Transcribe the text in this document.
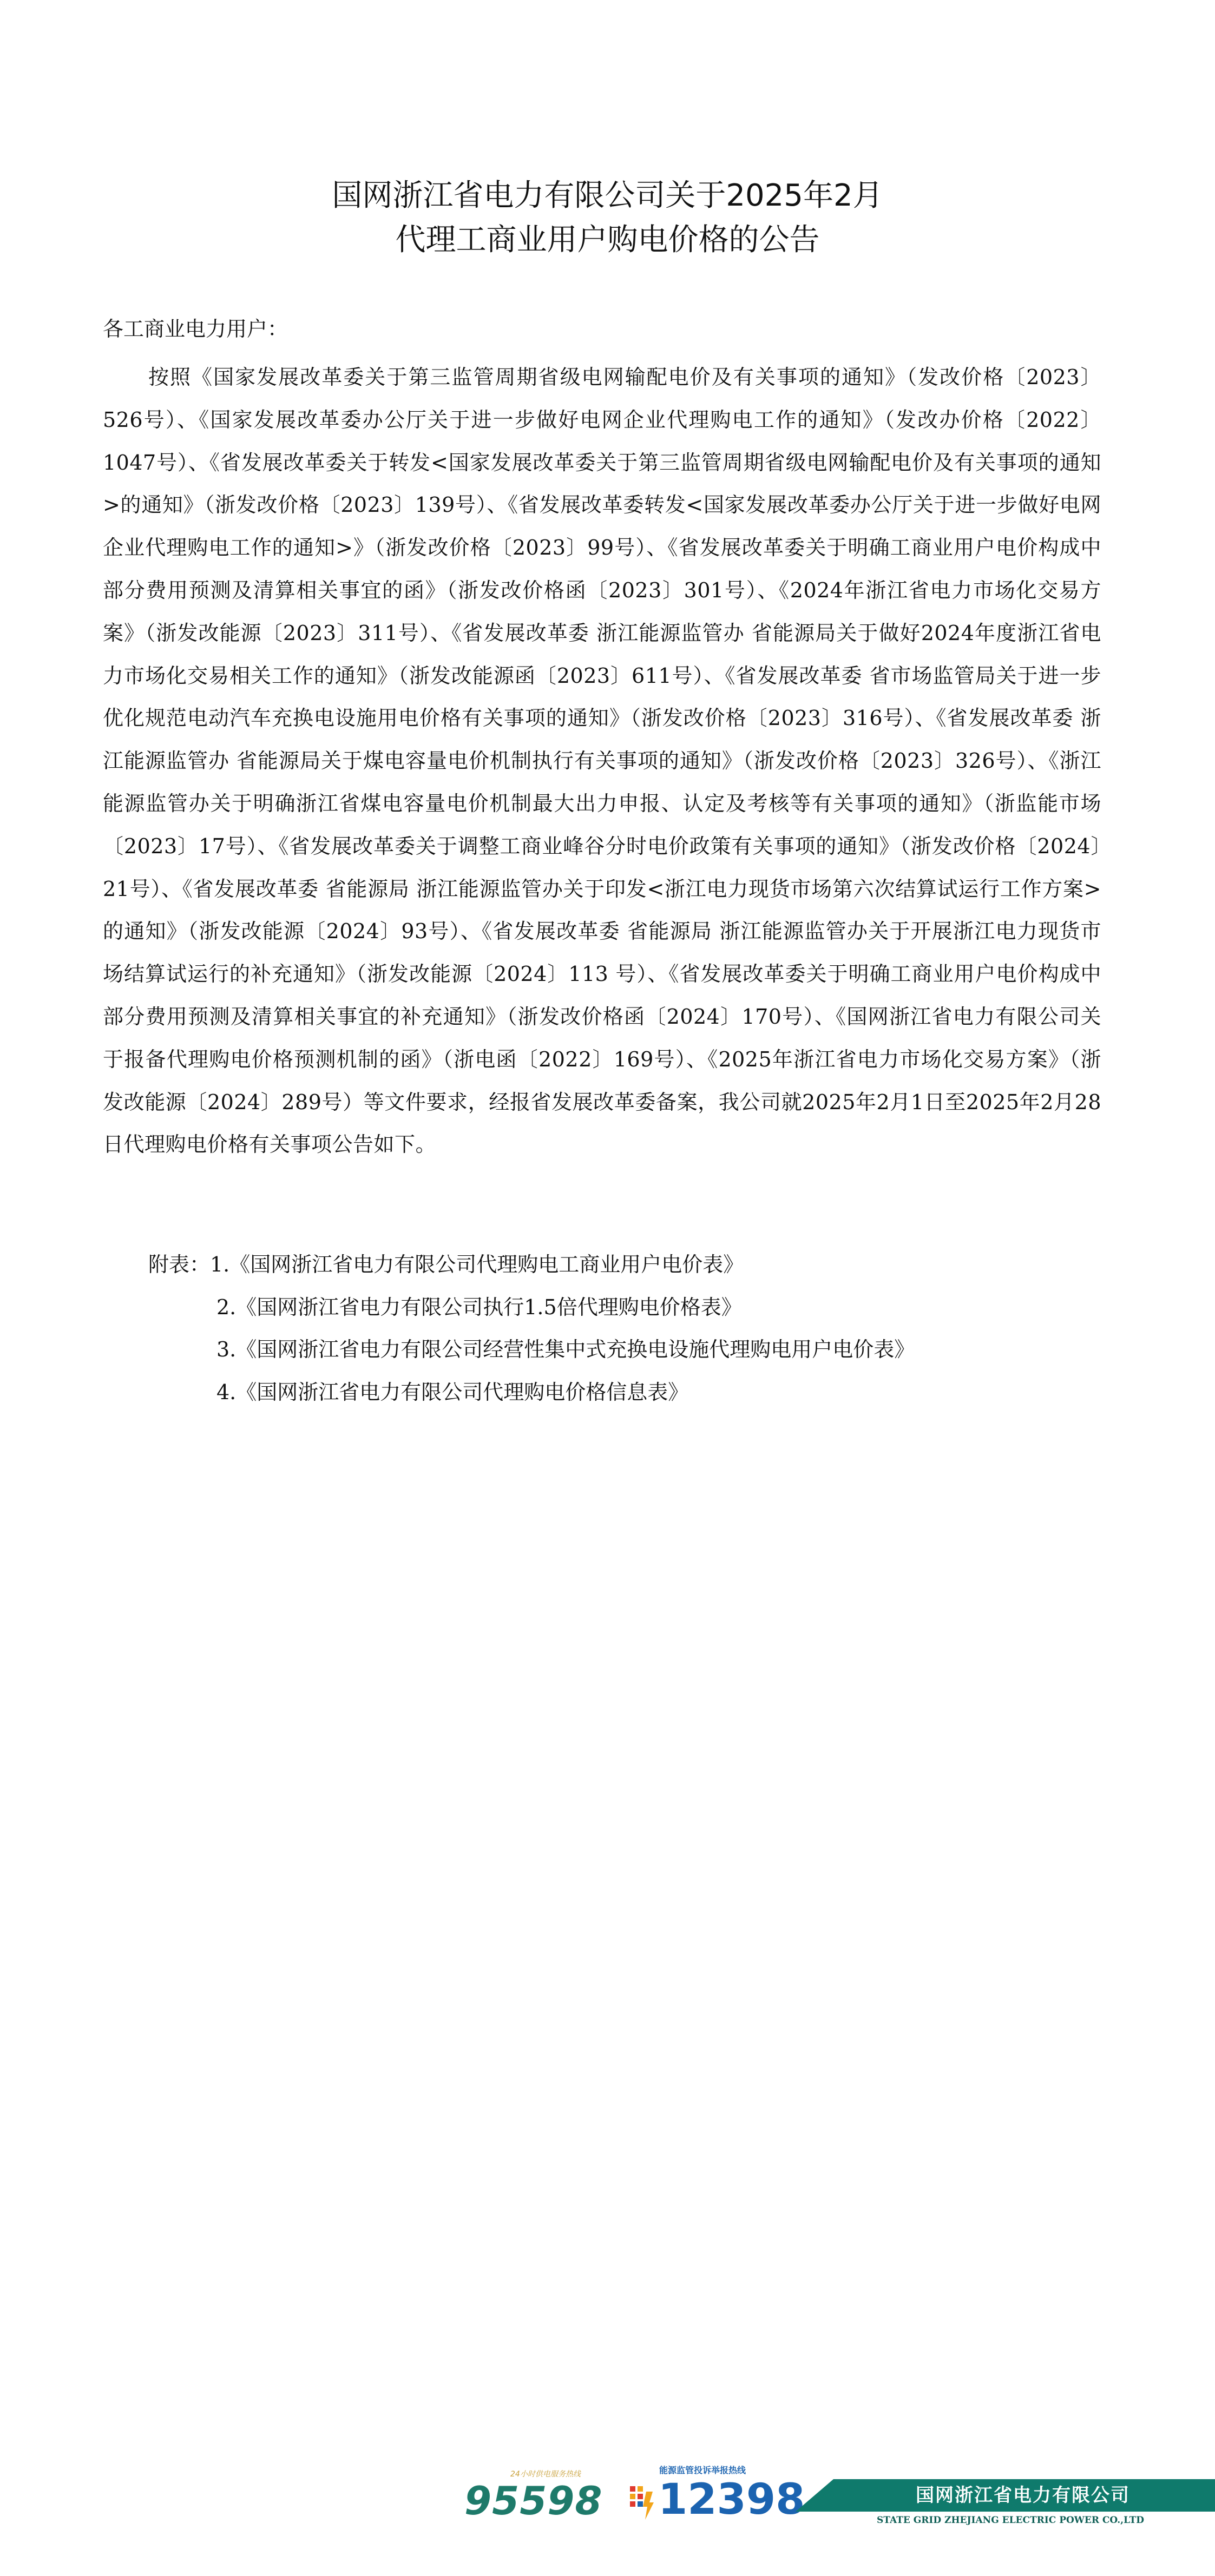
国网浙江省电力有限公司关于2025年2月
代理工商业用户购电价格的公告
各工商业电力用户：

按照《国家发展改革委关于第三监管周期省级电网输配电价及有关事项的通知》（发改价格〔2023〕526号）、《国家发展改革委办公厅关于进一步做好电网企业代理购电工作的通知》（发改办价格〔2022〕1047号）、《省发展改革委关于转发<国家发展改革委关于第三监管周期省级电网输配电价及有关事项的通知>的通知》（浙发改价格〔2023〕139号）、《省发展改革委转发<国家发展改革委办公厅关于进一步做好电网企业代理购电工作的通知>》（浙发改价格〔2023〕99号）、《省发展改革委关于明确工商业用户电价构成中部分费用预测及清算相关事宜的函》（浙发改价格函〔2023〕301号）、《2024年浙江省电力市场化交易方案》（浙发改能源〔2023〕311号）、《省发展改革委 浙江能源监管办 省能源局关于做好2024年度浙江省电力市场化交易相关工作的通知》（浙发改能源函〔2023〕611号）、《省发展改革委 省市场监管局关于进一步优化规范电动汽车充换电设施用电价格有关事项的通知》（浙发改价格〔2023〕316号）、《省发展改革委 浙江能源监管办 省能源局关于煤电容量电价机制执行有关事项的通知》（浙发改价格〔2023〕326号）、《浙江能源监管办关于明确浙江省煤电容量电价机制最大出力申报、认定及考核等有关事项的通知》（浙监能市场〔2023〕17号）、《省发展改革委关于调整工商业峰谷分时电价政策有关事项的通知》（浙发改价格〔2024〕21号）、《省发展改革委 省能源局 浙江能源监管办关于印发<浙江电力现货市场第六次结算试运行工作方案>的通知》（浙发改能源〔2024〕93号）、《省发展改革委 省能源局 浙江能源监管办关于开展浙江电力现货市场结算试运行的补充通知》（浙发改能源〔2024〕113 号）、《省发展改革委关于明确工商业用户电价构成中部分费用预测及清算相关事宜的补充通知》（浙发改价格函〔2024〕170号）、《国网浙江省电力有限公司关于报备代理购电价格预测机制的函》（浙电函〔2022〕169号）、《2025年浙江省电力市场化交易方案》（浙发改能源〔2024〕289号）等文件要求，经报省发展改革委备案，我公司就2025年2月1日至2025年2月28日代理购电价格有关事项公告如下。

附表：1.《国网浙江省电力有限公司代理购电工商业用户电价表》
2.《国网浙江省电力有限公司执行1.5倍代理购电价格表》
3.《国网浙江省电力有限公司经营性集中式充换电设施代理购电用户电价表》
4.《国网浙江省电力有限公司代理购电价格信息表》
24小时供电服务热线
95598
能源监管投诉举报热线
12398	国网浙江省电力有限公司
STATE GRID ZHEJIANG ELECTRIC POWER CO.,LTD
